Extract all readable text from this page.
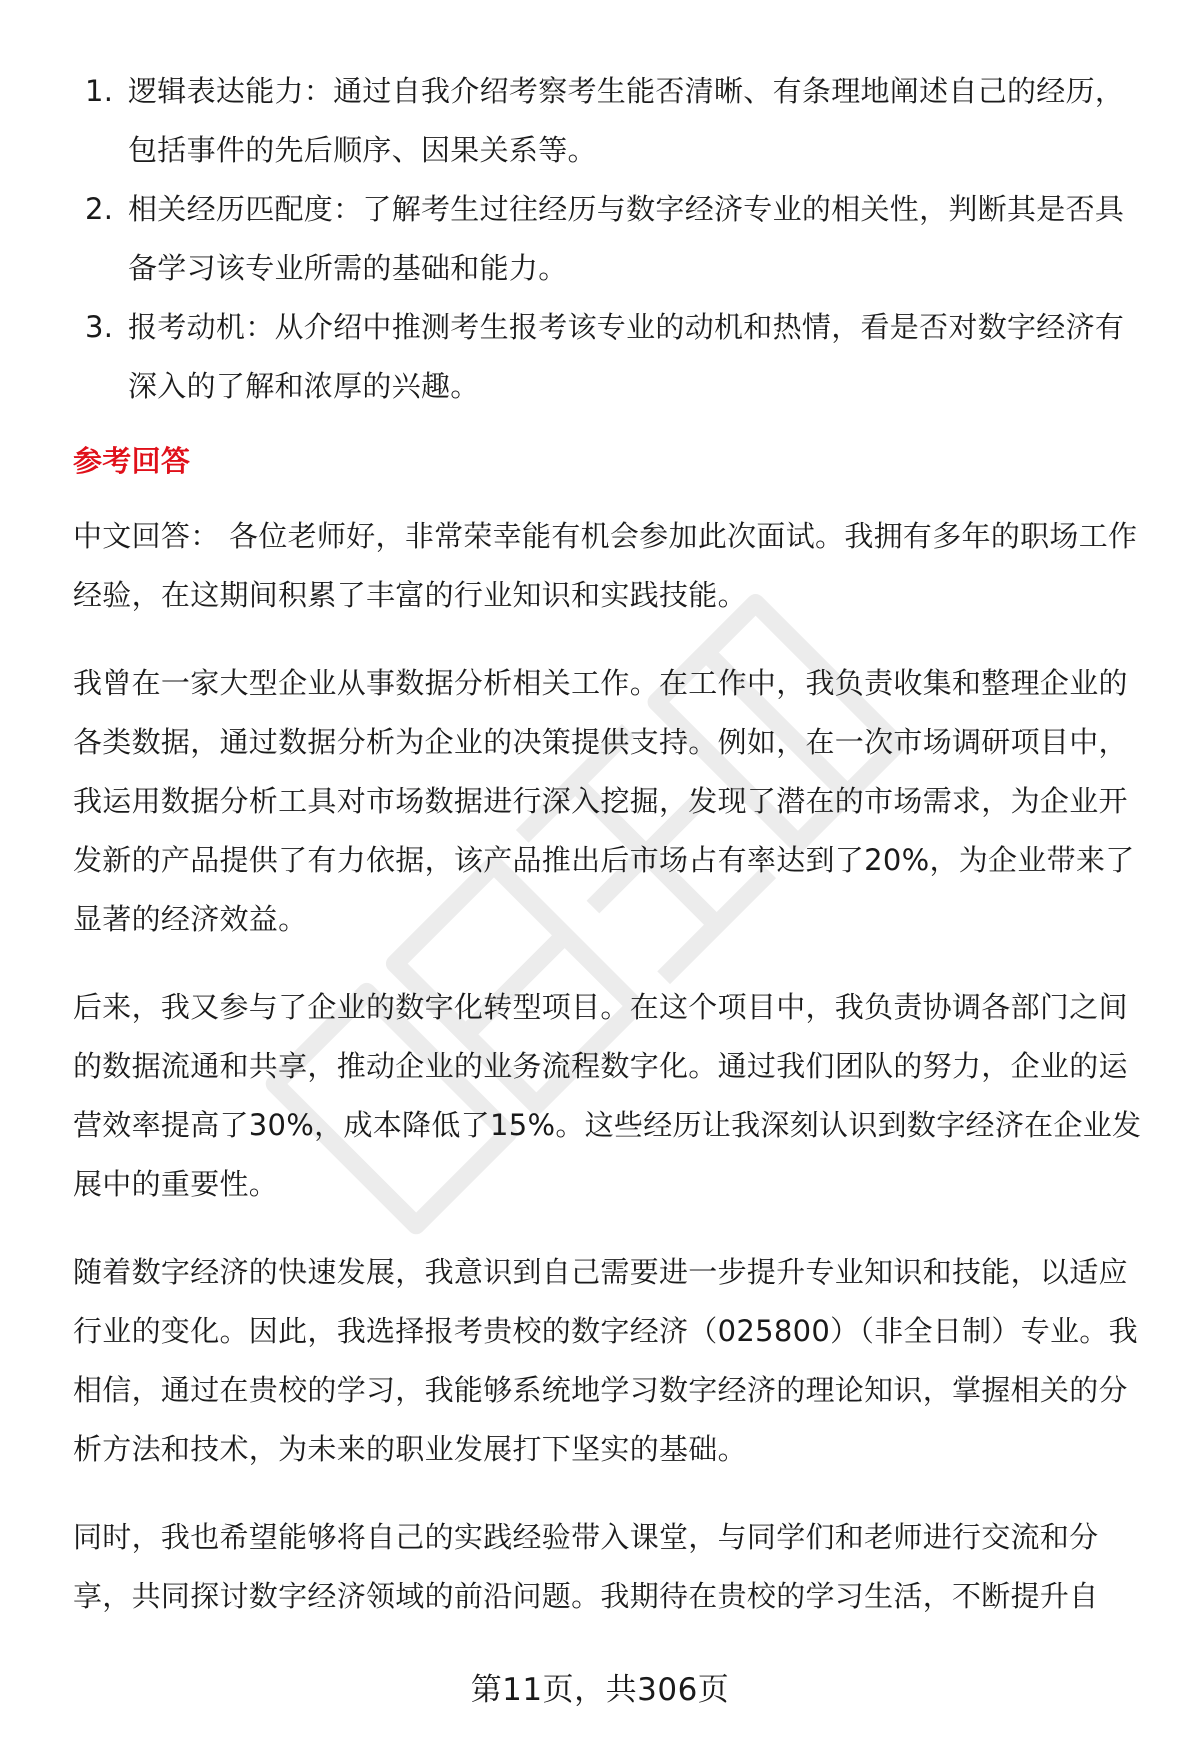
1. 逻辑表达能力：通过自我介绍考察考生能否清晰、有条理地阐述自己的经历，包括事件的先后顺序、因果关系等。
2. 相关经历匹配度：了解考生过往经历与数字经济专业的相关性，判断其是否具备学习该专业所需的基础和能力。
3. 报考动机：从介绍中推测考生报考该专业的动机和热情，看是否对数字经济有深入的了解和浓厚的兴趣。
参考回答

中文回答： 各位老师好，非常荣幸能有机会参加此次面试。我拥有多年的职场工作经验，在这期间积累了丰富的行业知识和实践技能。

我曾在一家大型企业从事数据分析相关工作。在工作中，我负责收集和整理企业的各类数据，通过数据分析为企业的决策提供支持。例如，在一次市场调研项目中，我运用数据分析工具对市场数据进行深入挖掘，发现了潜在的市场需求，为企业开发新的产品提供了有力依据，该产品推出后市场占有率达到了20%，为企业带来了显著的经济效益。

后来，我又参与了企业的数字化转型项目。在这个项目中，我负责协调各部门之间的数据流通和共享，推动企业的业务流程数字化。通过我们团队的努力，企业的运营效率提高了30%，成本降低了15%。这些经历让我深刻认识到数字经济在企业发展中的重要性。

随着数字经济的快速发展，我意识到自己需要进一步提升专业知识和技能，以适应行业的变化。因此，我选择报考贵校的数字经济（025800）（非全日制）专业。我相信，通过在贵校的学习，我能够系统地学习数字经济的理论知识，掌握相关的分析方法和技术，为未来的职业发展打下坚实的基础。

同时，我也希望能够将自己的实践经验带入课堂，与同学们和老师进行交流和分享，共同探讨数字经济领域的前沿问题。我期待在贵校的学习生活，不断提升自

第11页，共306页
